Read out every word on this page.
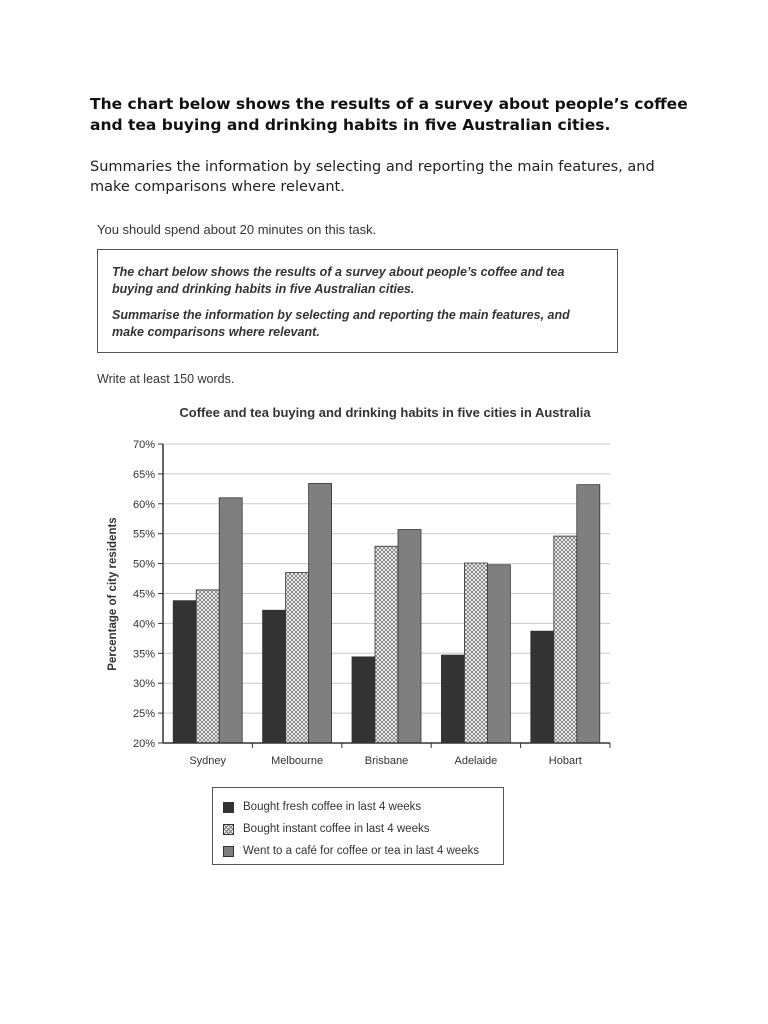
The chart below shows the results of a survey about people’s coffee and tea buying and drinking habits in five Australian cities.
Summaries the information by selecting and reporting the main features, and make comparisons where relevant.
You should spend about 20 minutes on this task.

The chart below shows the results of a survey about people’s coffee and tea buying and drinking habits in five Australian cities.

Summarise the information by selecting and reporting the main features, and make comparisons where relevant.

Write at least 150 words.
Coffee and tea buying and drinking habits in five cities in Australia
Percentage of city residents
20%
25%
30%
35%
40%
45%
50%
55%
60%
65%
70%
Sydney	Melbourne	Brisbane	Adelaide	Hobart
Bought fresh coffee in last 4 weeks
Bought instant coffee in last 4 weeks
Went to a café for coffee or tea in last 4 weeks
